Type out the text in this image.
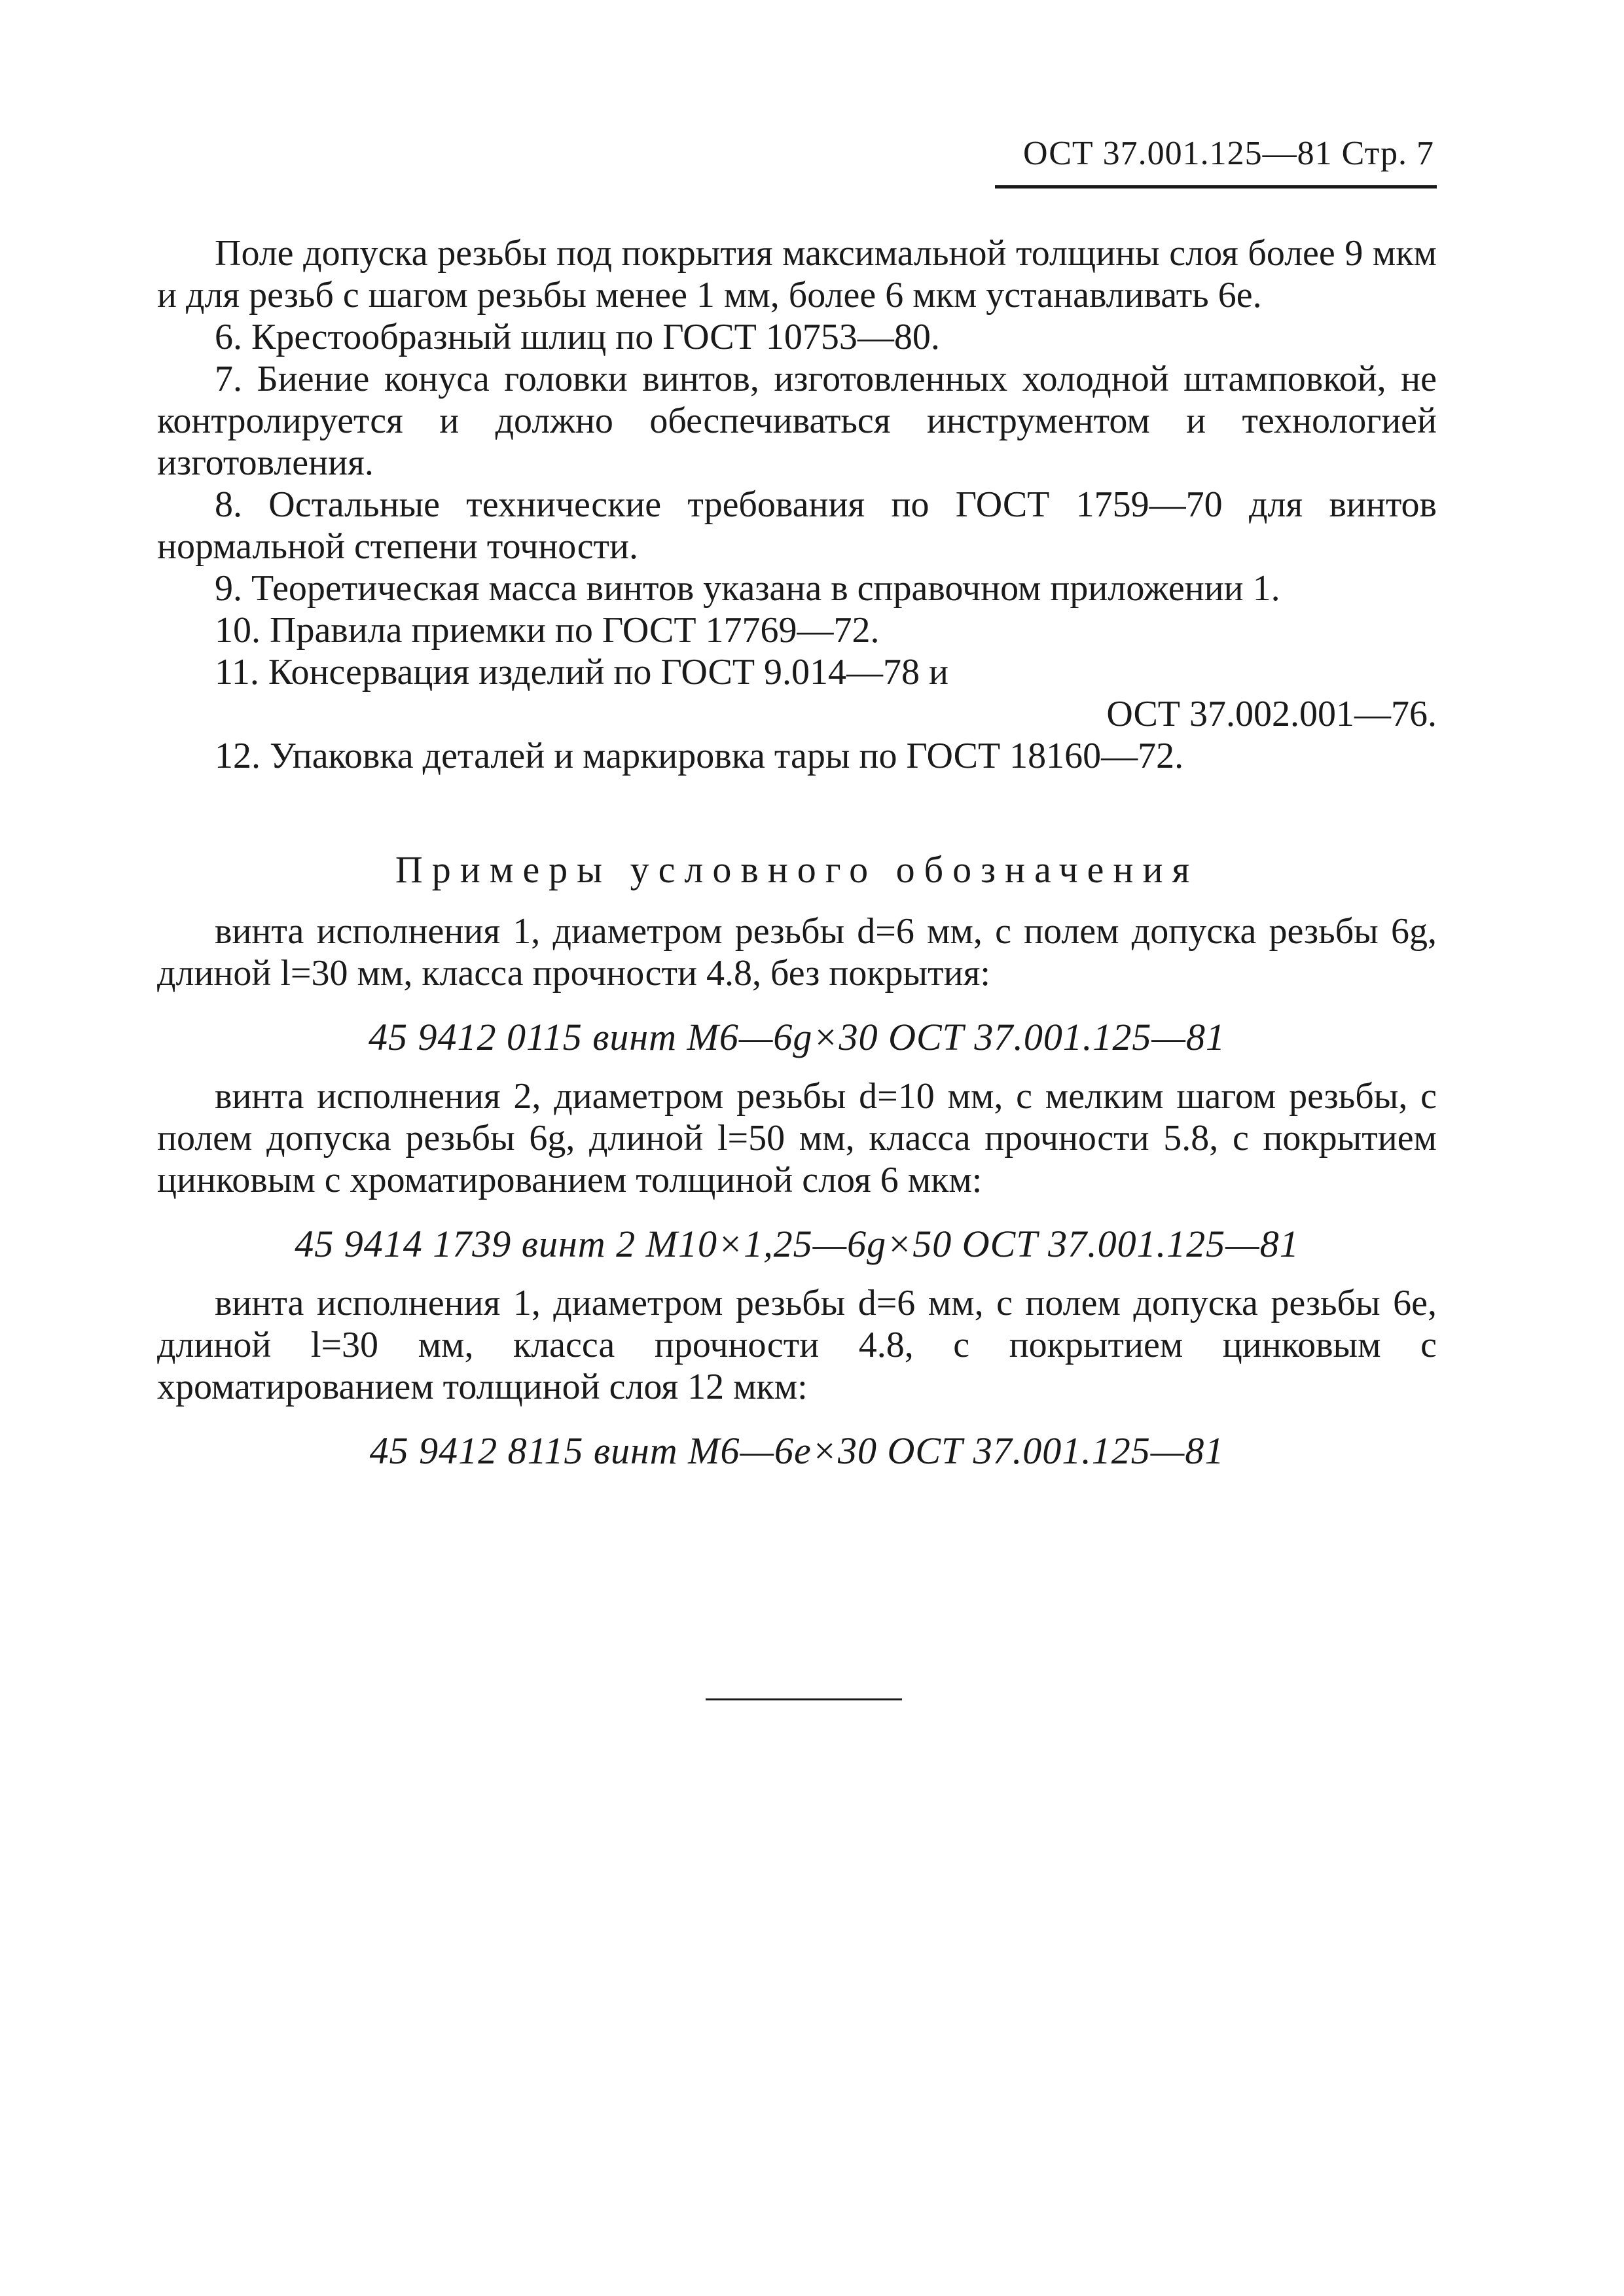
ОСТ 37.001.125—81 Стр. 7

Поле допуска резьбы под покрытия максимальной толщины слоя более 9 мкм и для резьб с шагом резьбы менее 1 мм, более 6 мкм устанавливать 6е.

6. Крестообразный шлиц по ГОСТ 10753—80.

7. Биение конуса головки винтов, изготовленных холодной штамповкой, не контролируется и должно обеспечиваться инструментом и технологией изготовления.

8. Остальные технические требования по ГОСТ 1759—70 для винтов нормальной степени точности.

9. Теоретическая масса винтов указана в справочном приложении 1.

10. Правила приемки по ГОСТ 17769—72.

11. Консервация изделий по ГОСТ 9.014—78 и

ОСТ 37.002.001—76.

12. Упаковка деталей и маркировка тары по ГОСТ 18160—72.

Примеры условного обозначения

винта исполнения 1, диаметром резьбы d=6 мм, с полем допуска резьбы 6g, длиной l=30 мм, класса прочности 4.8, без покрытия:

45 9412 0115 винт М6—6g×30 ОСТ 37.001.125—81

винта исполнения 2, диаметром резьбы d=10 мм, с мелким шагом резьбы, с полем допуска резьбы 6g, длиной l=50 мм, класса прочности 5.8, с покрытием цинковым с хроматированием толщиной слоя 6 мкм:

45 9414 1739 винт 2 М10×1,25—6g×50 ОСТ 37.001.125—81

винта исполнения 1, диаметром резьбы d=6 мм, с полем допуска резьбы 6е, длиной l=30 мм, класса прочности 4.8, с покрытием цинковым с хроматированием толщиной слоя 12 мкм:

45 9412 8115 винт М6—6е×30 ОСТ 37.001.125—81
